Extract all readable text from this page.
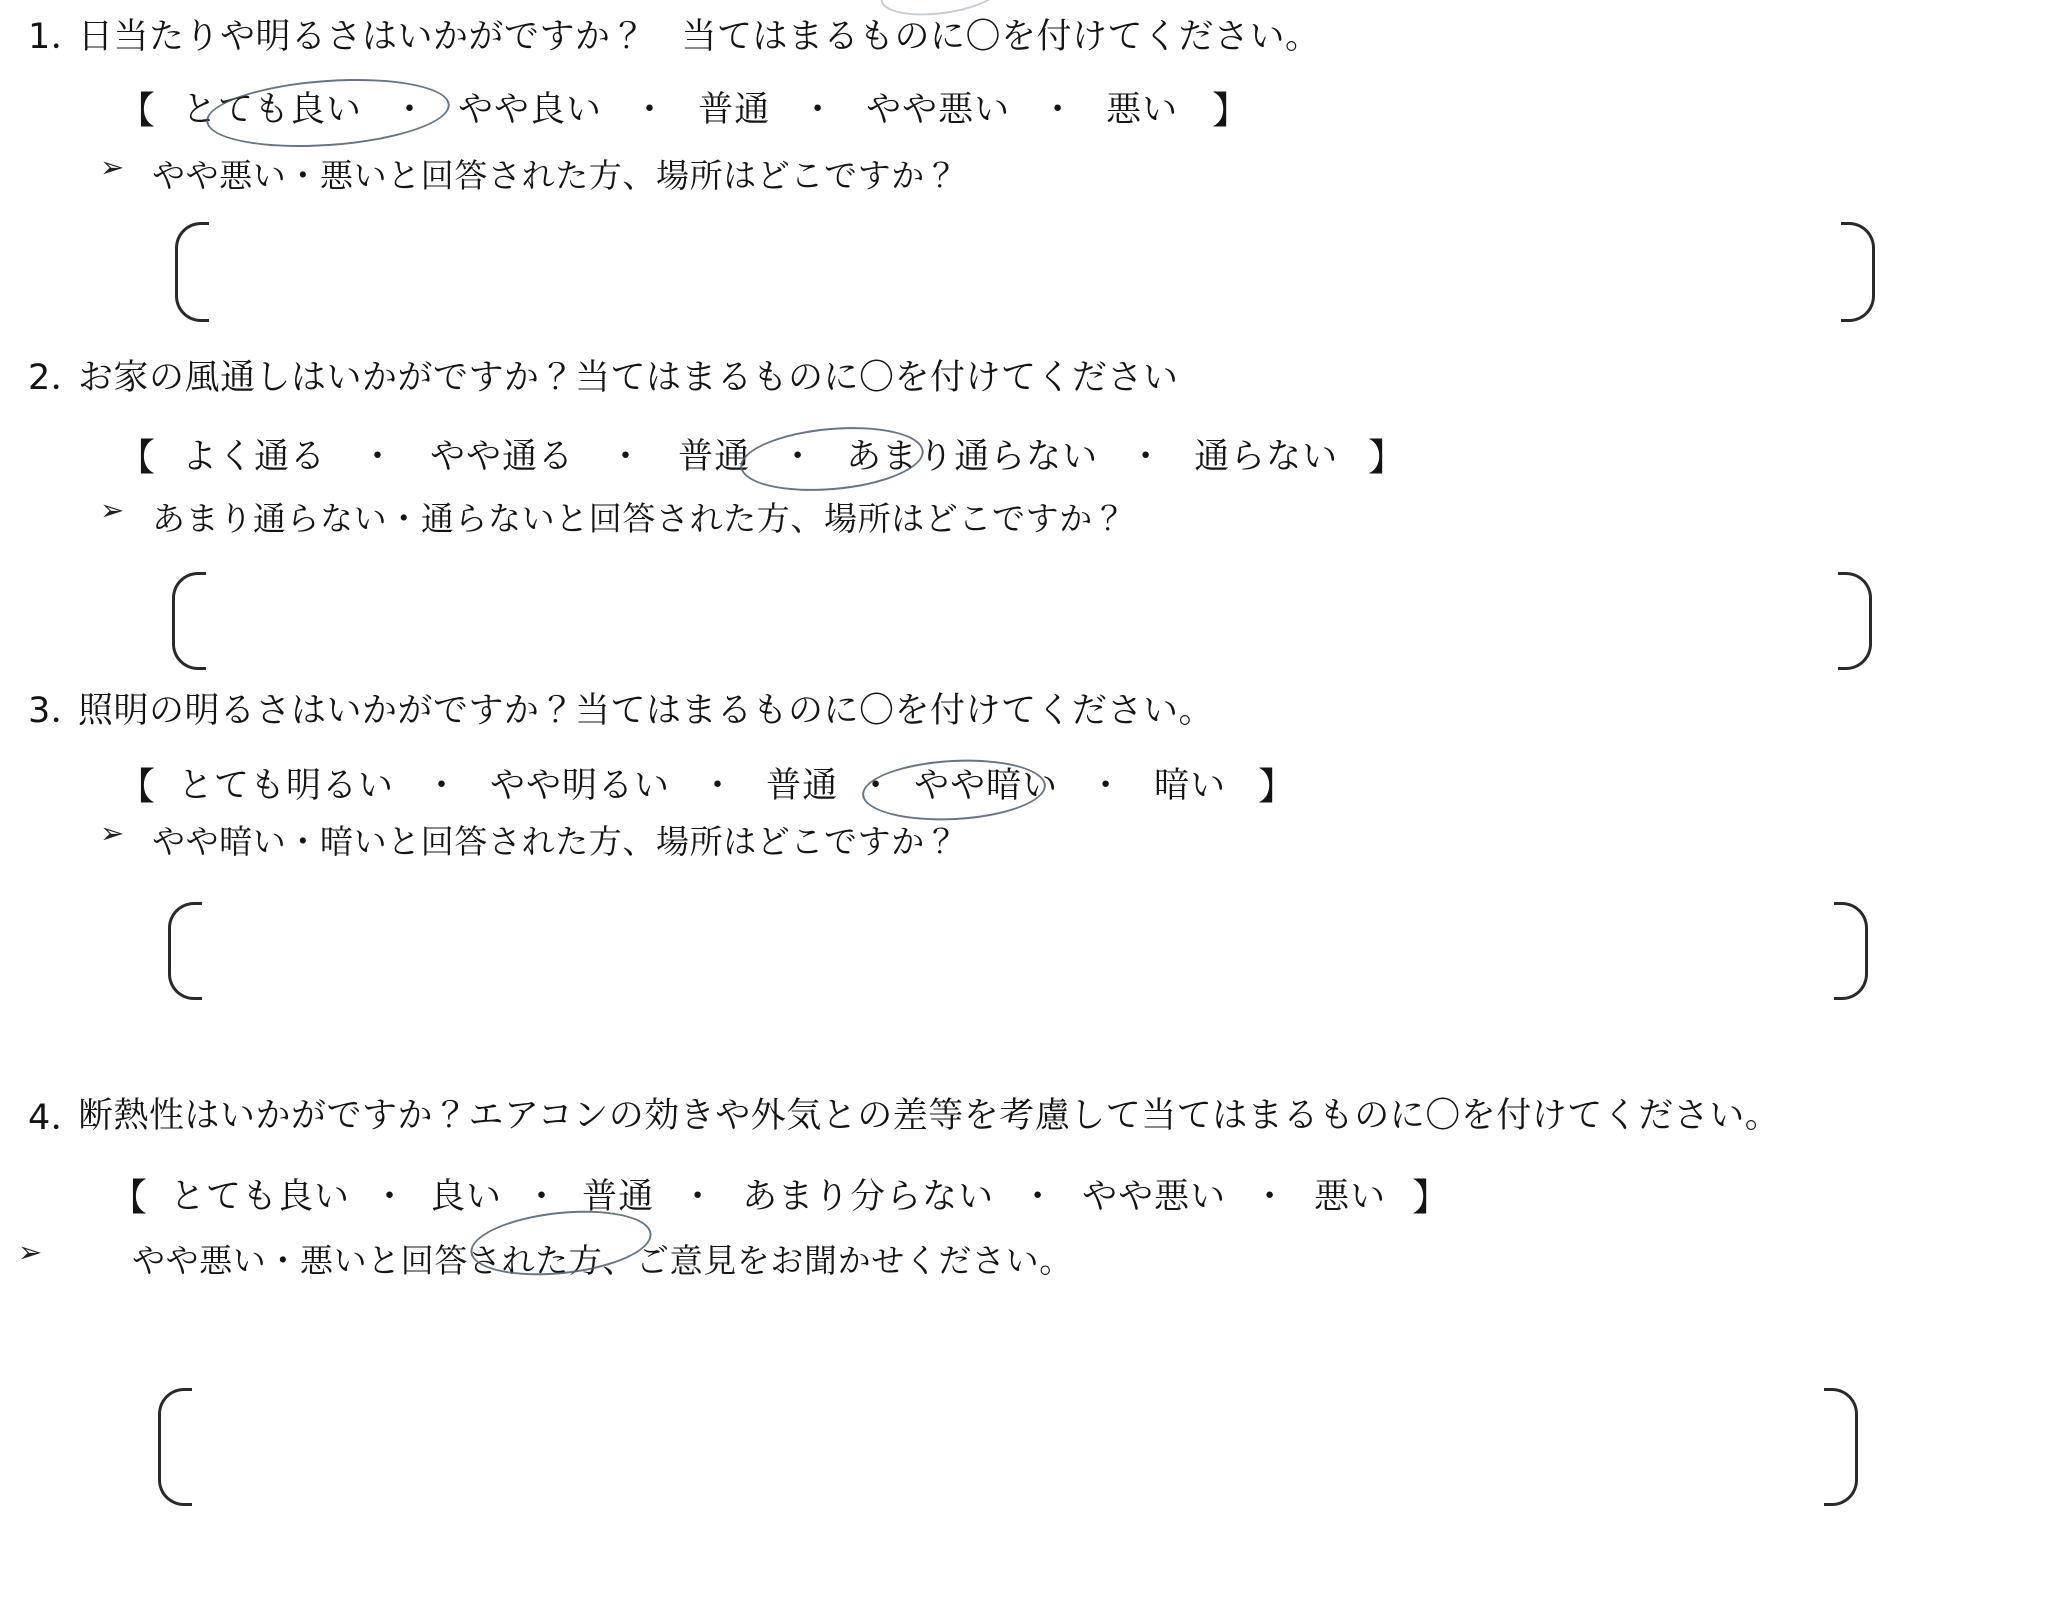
1．
日当たりや明るさはいかがですか？　当てはまるものに〇を付けてください。
【 とても良い ・ やや良い ・ 普通 ・ やや悪い ・ 悪い 】
➢ やや悪い・悪いと回答された方、場所はどこですか？
2．
お家の風通しはいかがですか？当てはまるものに〇を付けてください
【 よく通る ・ やや通る ・ 普通 ・ あまり通らない ・ 通らない 】
➢ あまり通らない・通らないと回答された方、場所はどこですか？
3．
照明の明るさはいかがですか？当てはまるものに〇を付けてください。
【 とても明るい ・ やや明るい ・ 普通 ・ やや暗い ・ 暗い 】
➢ やや暗い・暗いと回答された方、場所はどこですか？
4．
断熱性はいかがですか？エアコンの効きや外気との差等を考慮して当てはまるものに〇を付けてください。
【 とても良い ・ 良い ・ 普通 ・ あまり分らない ・ やや悪い ・ 悪い 】
➢	やや悪い・悪いと回答された方、ご意見をお聞かせください。
